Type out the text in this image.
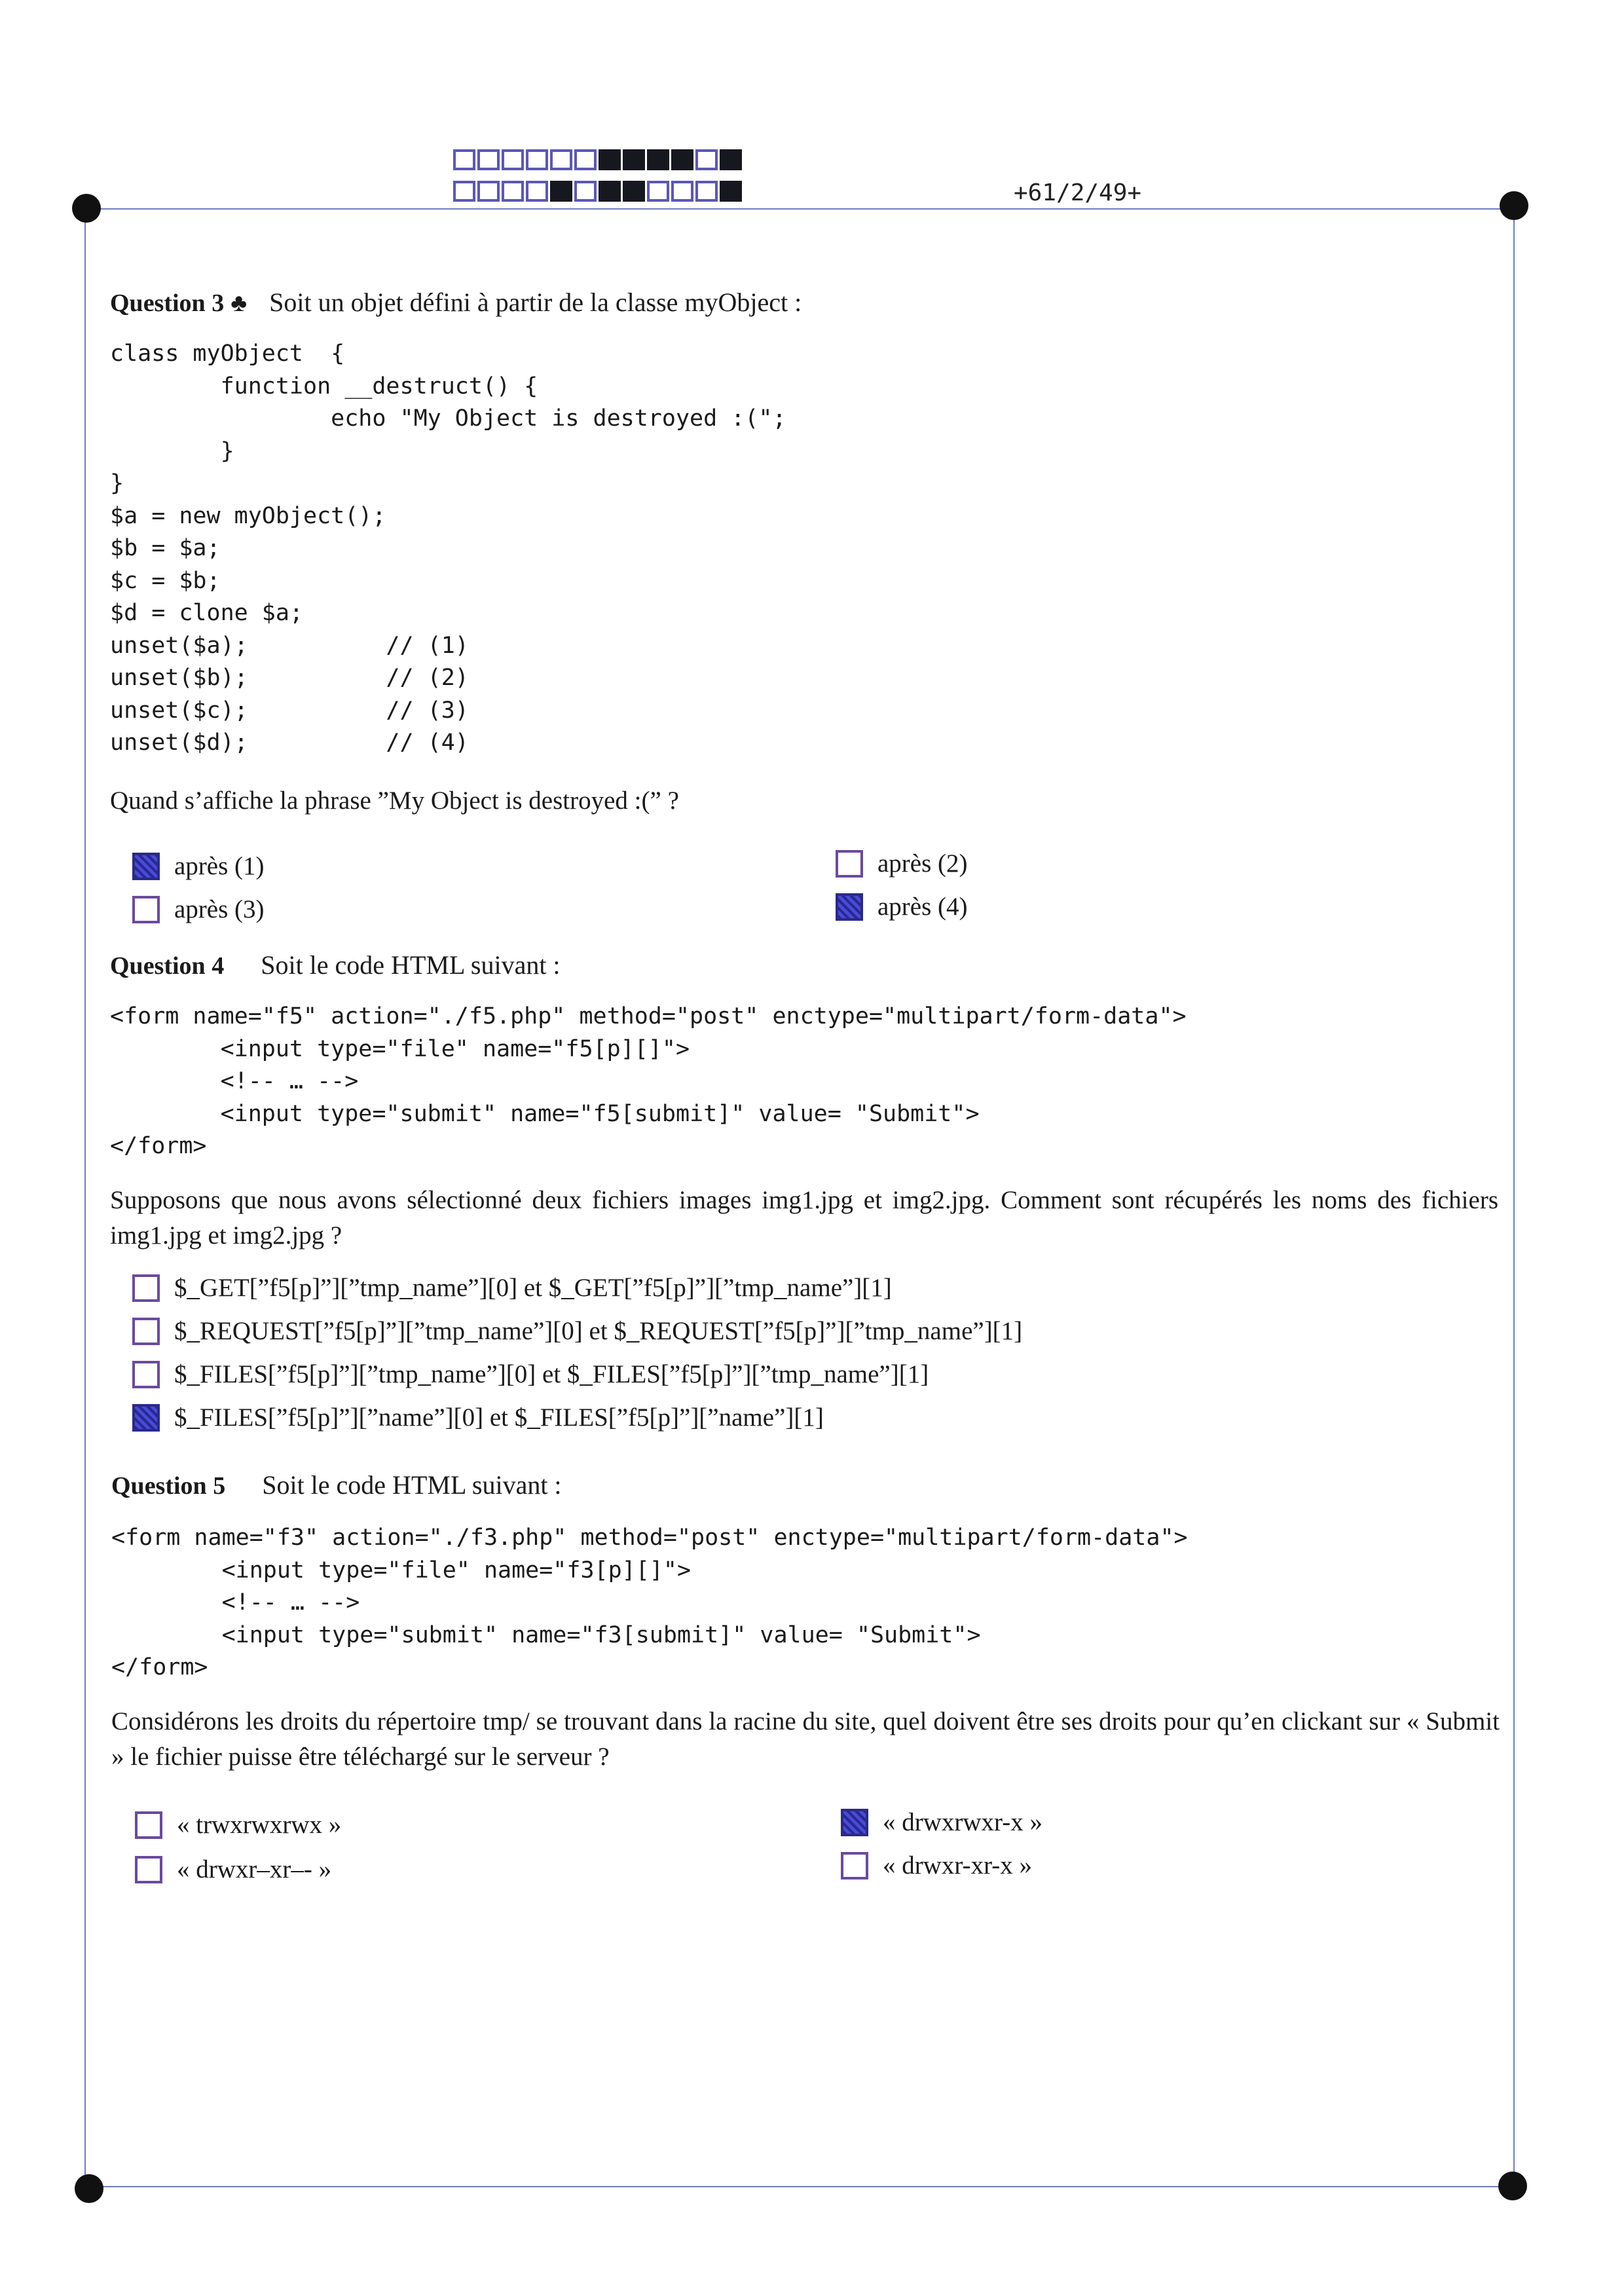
+61/2/49+
Question 3 ♣ Soit un objet défini à partir de la classe myObject :
class myObject  {
function __destruct() {
echo "My Object is destroyed :(";
}
}
$a = new myObject();
$b = $a;
$c = $b;
$d = clone $a;
unset($a);          // (1)
unset($b);          // (2)
unset($c);          // (3)
unset($d);          // (4)
Quand s’affiche la phrase ”My Object is destroyed :(” ?
après (1)	après (2)
après (3)	après (4)
Question 4 Soit le code HTML suivant :
<form name="f5" action="./f5.php" method="post" enctype="multipart/form-data">
<input type="file" name="f5[p][]">
<!-- … -->
<input type="submit" name="f5[submit]" value= "Submit">
</form>
Supposons que nous avons sélectionné deux fichiers images img1.jpg et img2.jpg. Comment sont récupérés les noms des fichiers img1.jpg et img2.jpg ?
$_GET[”f5[p]”][”tmp_name”][0] et $_GET[”f5[p]”][”tmp_name”][1]
$_REQUEST[”f5[p]”][”tmp_name”][0] et $_REQUEST[”f5[p]”][”tmp_name”][1]
$_FILES[”f5[p]”][”tmp_name”][0] et $_FILES[”f5[p]”][”tmp_name”][1]
$_FILES[”f5[p]”][”name”][0] et $_FILES[”f5[p]”][”name”][1]
Question 5 Soit le code HTML suivant :
<form name="f3" action="./f3.php" method="post" enctype="multipart/form-data">
<input type="file" name="f3[p][]">
<!-- … -->
<input type="submit" name="f3[submit]" value= "Submit">
</form>
Considérons les droits du répertoire tmp/ se trouvant dans la racine du site, quel doivent être ses droits pour qu’en clickant sur « Submit » le fichier puisse être téléchargé sur le serveur ?
« trwxrwxrwx »	« drwxrwxr-x »
« drwxr–xr–- »	« drwxr-xr-x »
